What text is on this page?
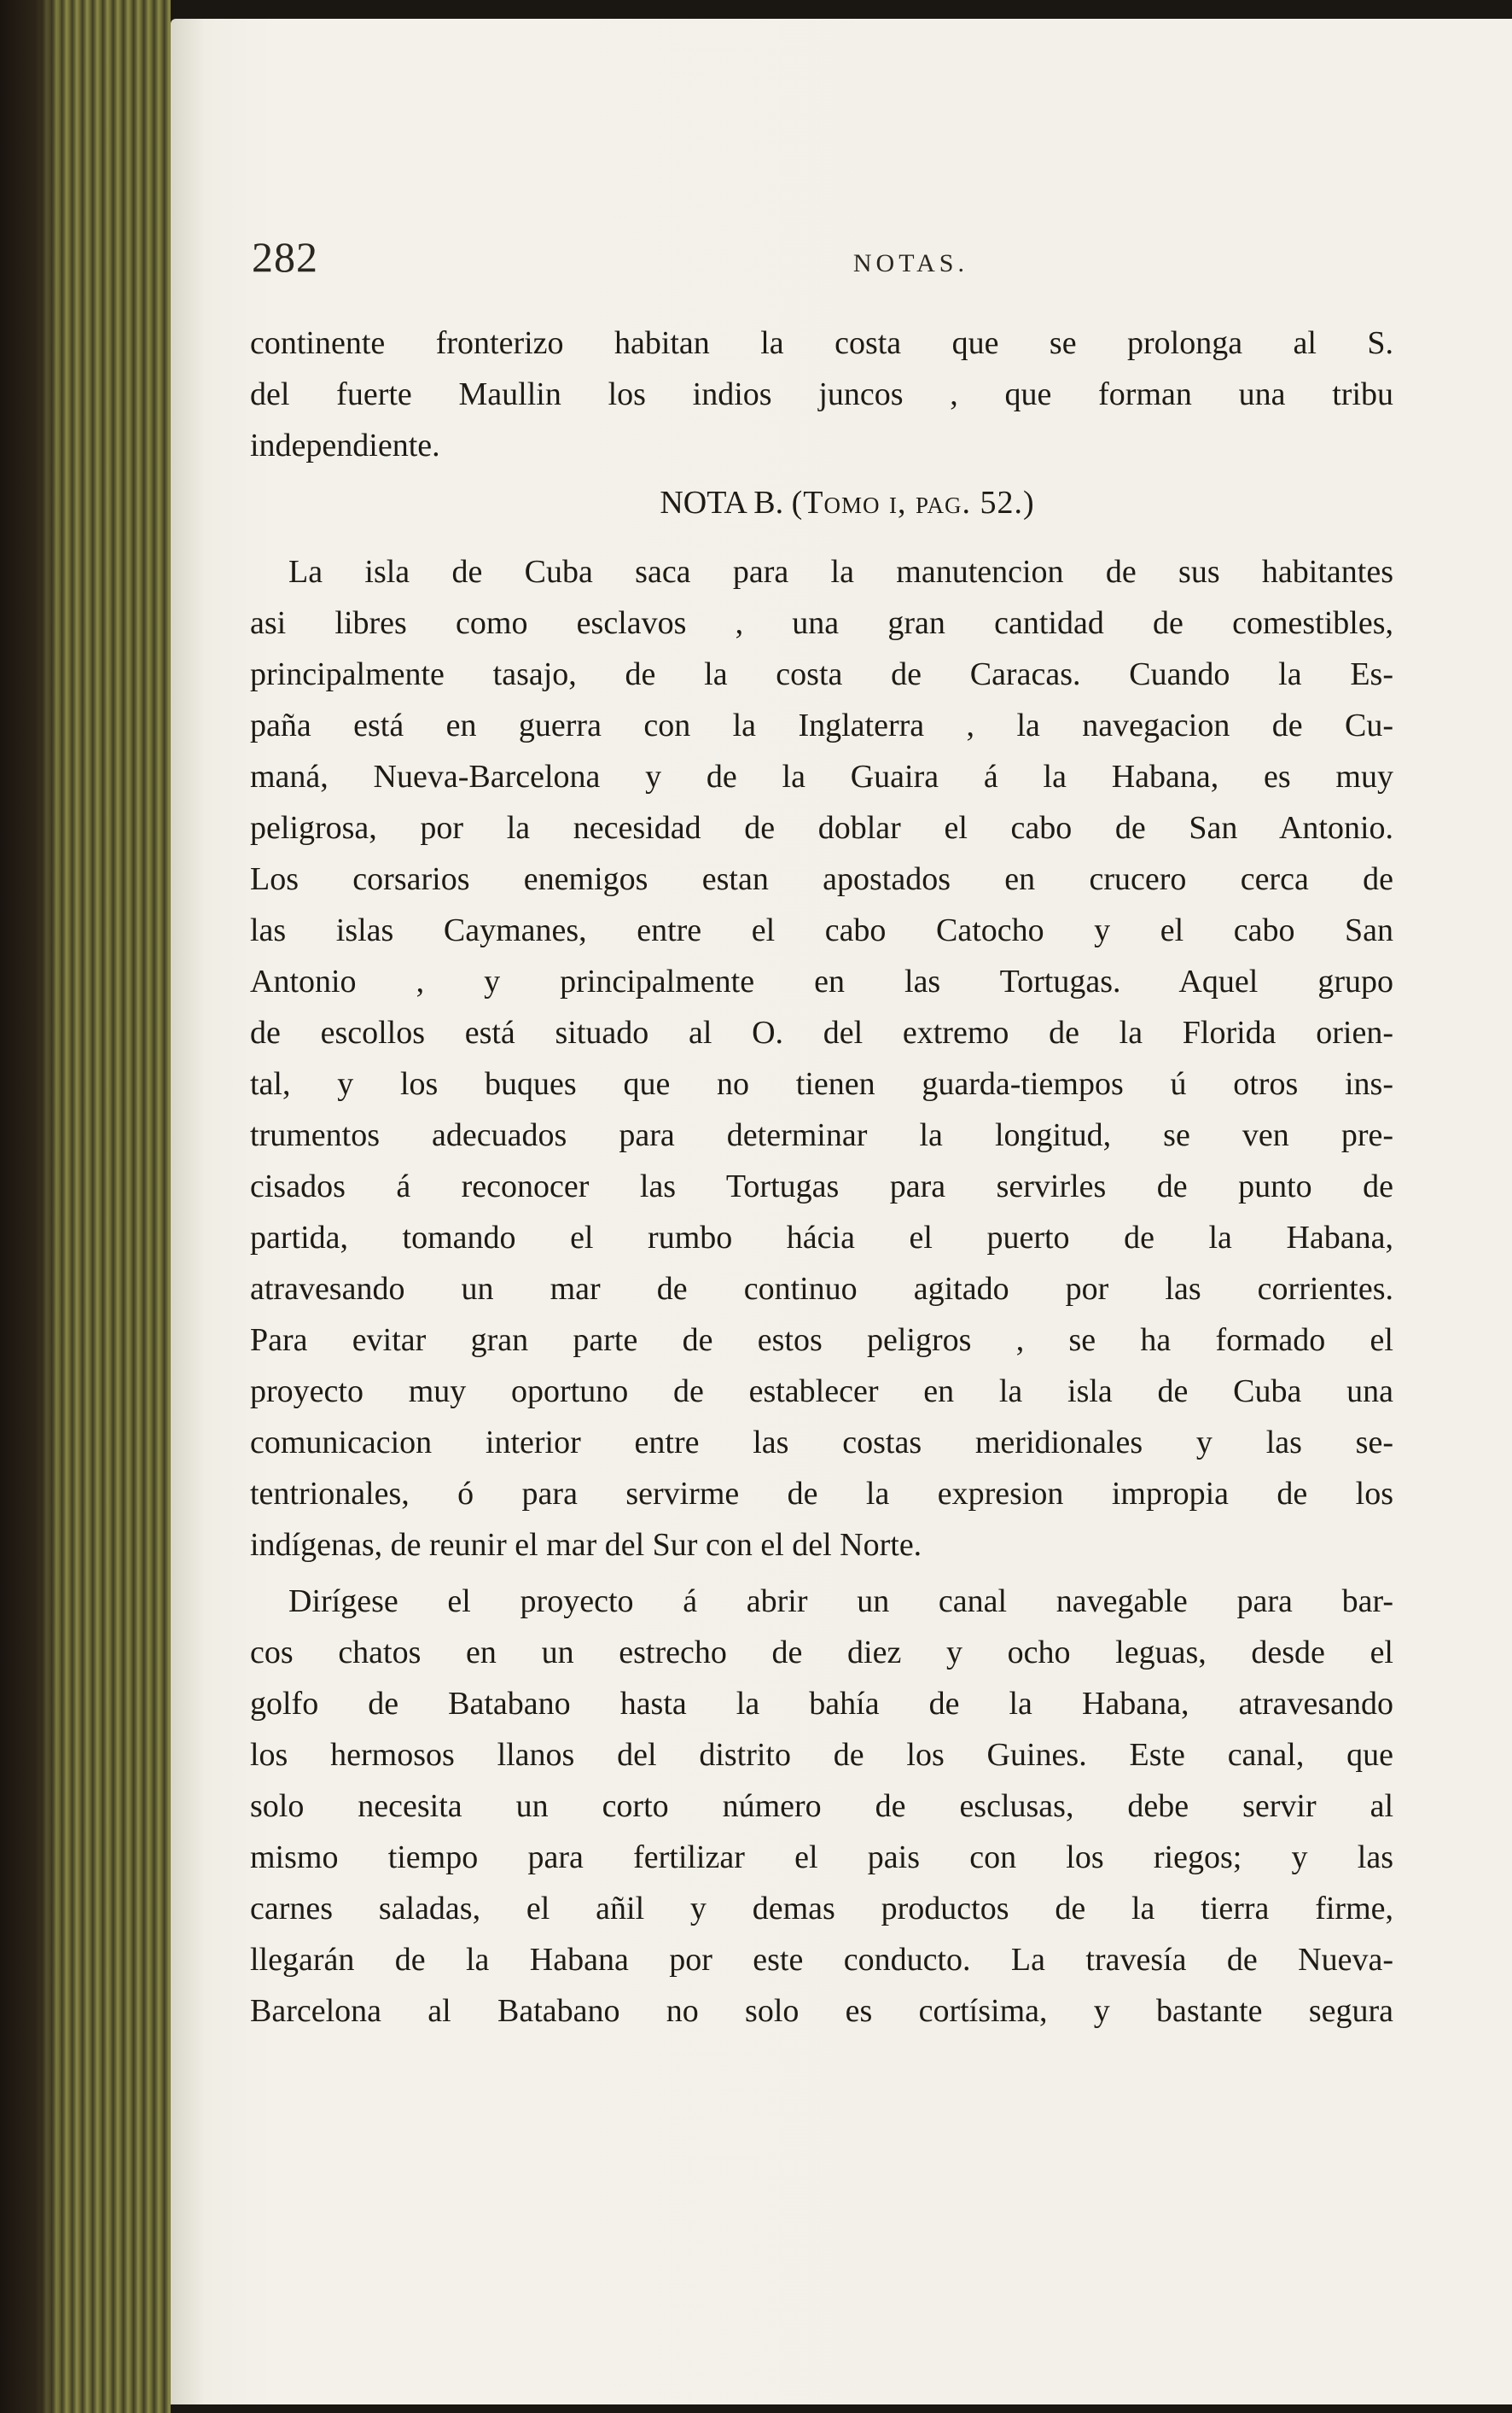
282	NOTAS.
continente fronterizo habitan la costa que se prolonga al S.
del fuerte Maullin los indios juncos , que forman una tribu
independiente.
NOTA B. (Tomo i, pag. 52.)
La isla de Cuba saca para la manutencion de sus habitantes
asi libres como esclavos , una gran cantidad de comestibles,
principalmente tasajo, de la costa de Caracas. Cuando la Es-
paña está en guerra con la Inglaterra , la navegacion de Cu-
maná, Nueva-Barcelona y de la Guaira á la Habana, es muy
peligrosa, por la necesidad de doblar el cabo de San Antonio.
Los corsarios enemigos estan apostados en crucero cerca de
las islas Caymanes, entre el cabo Catocho y el cabo San
Antonio , y principalmente en las Tortugas. Aquel grupo
de escollos está situado al O. del extremo de la Florida orien-
tal, y los buques que no tienen guarda-tiempos ú otros ins-
trumentos adecuados para determinar la longitud, se ven pre-
cisados á reconocer las Tortugas para servirles de punto de
partida, tomando el rumbo hácia el puerto de la Habana,
atravesando un mar de continuo agitado por las corrientes.
Para evitar gran parte de estos peligros , se ha formado el
proyecto muy oportuno de establecer en la isla de Cuba una
comunicacion interior entre las costas meridionales y las se-
tentrionales, ó para servirme de la expresion impropia de los
indígenas, de reunir el mar del Sur con el del Norte.
Dirígese el proyecto á abrir un canal navegable para bar-
cos chatos en un estrecho de diez y ocho leguas, desde el
golfo de Batabano hasta la bahía de la Habana, atravesando
los hermosos llanos del distrito de los Guines. Este canal, que
solo necesita un corto número de esclusas, debe servir al
mismo tiempo para fertilizar el pais con los riegos; y las
carnes saladas, el añil y demas productos de la tierra firme,
llegarán de la Habana por este conducto. La travesía de Nueva-
Barcelona al Batabano no solo es cortísima, y bastante segura
